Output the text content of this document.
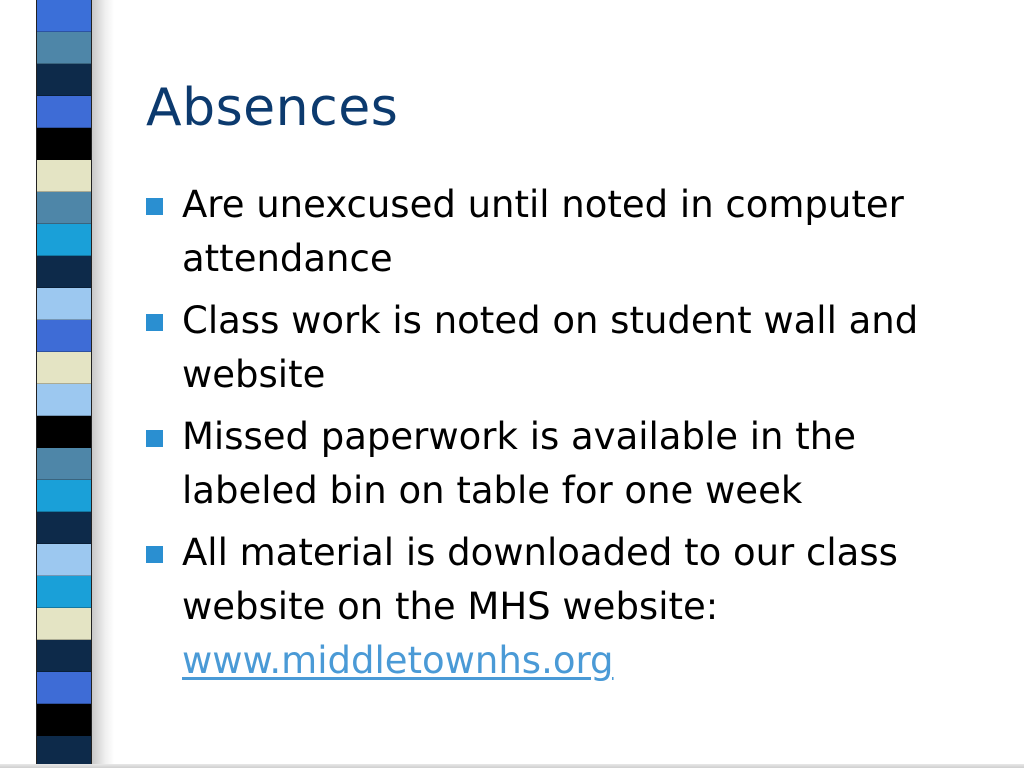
Absences
Are unexcused until noted in computer attendance
Class work is noted on student wall and website
Missed paperwork is available in the labeled bin on table for one week
All material is downloaded to our class website on the MHS website:
www.middletownhs.org
